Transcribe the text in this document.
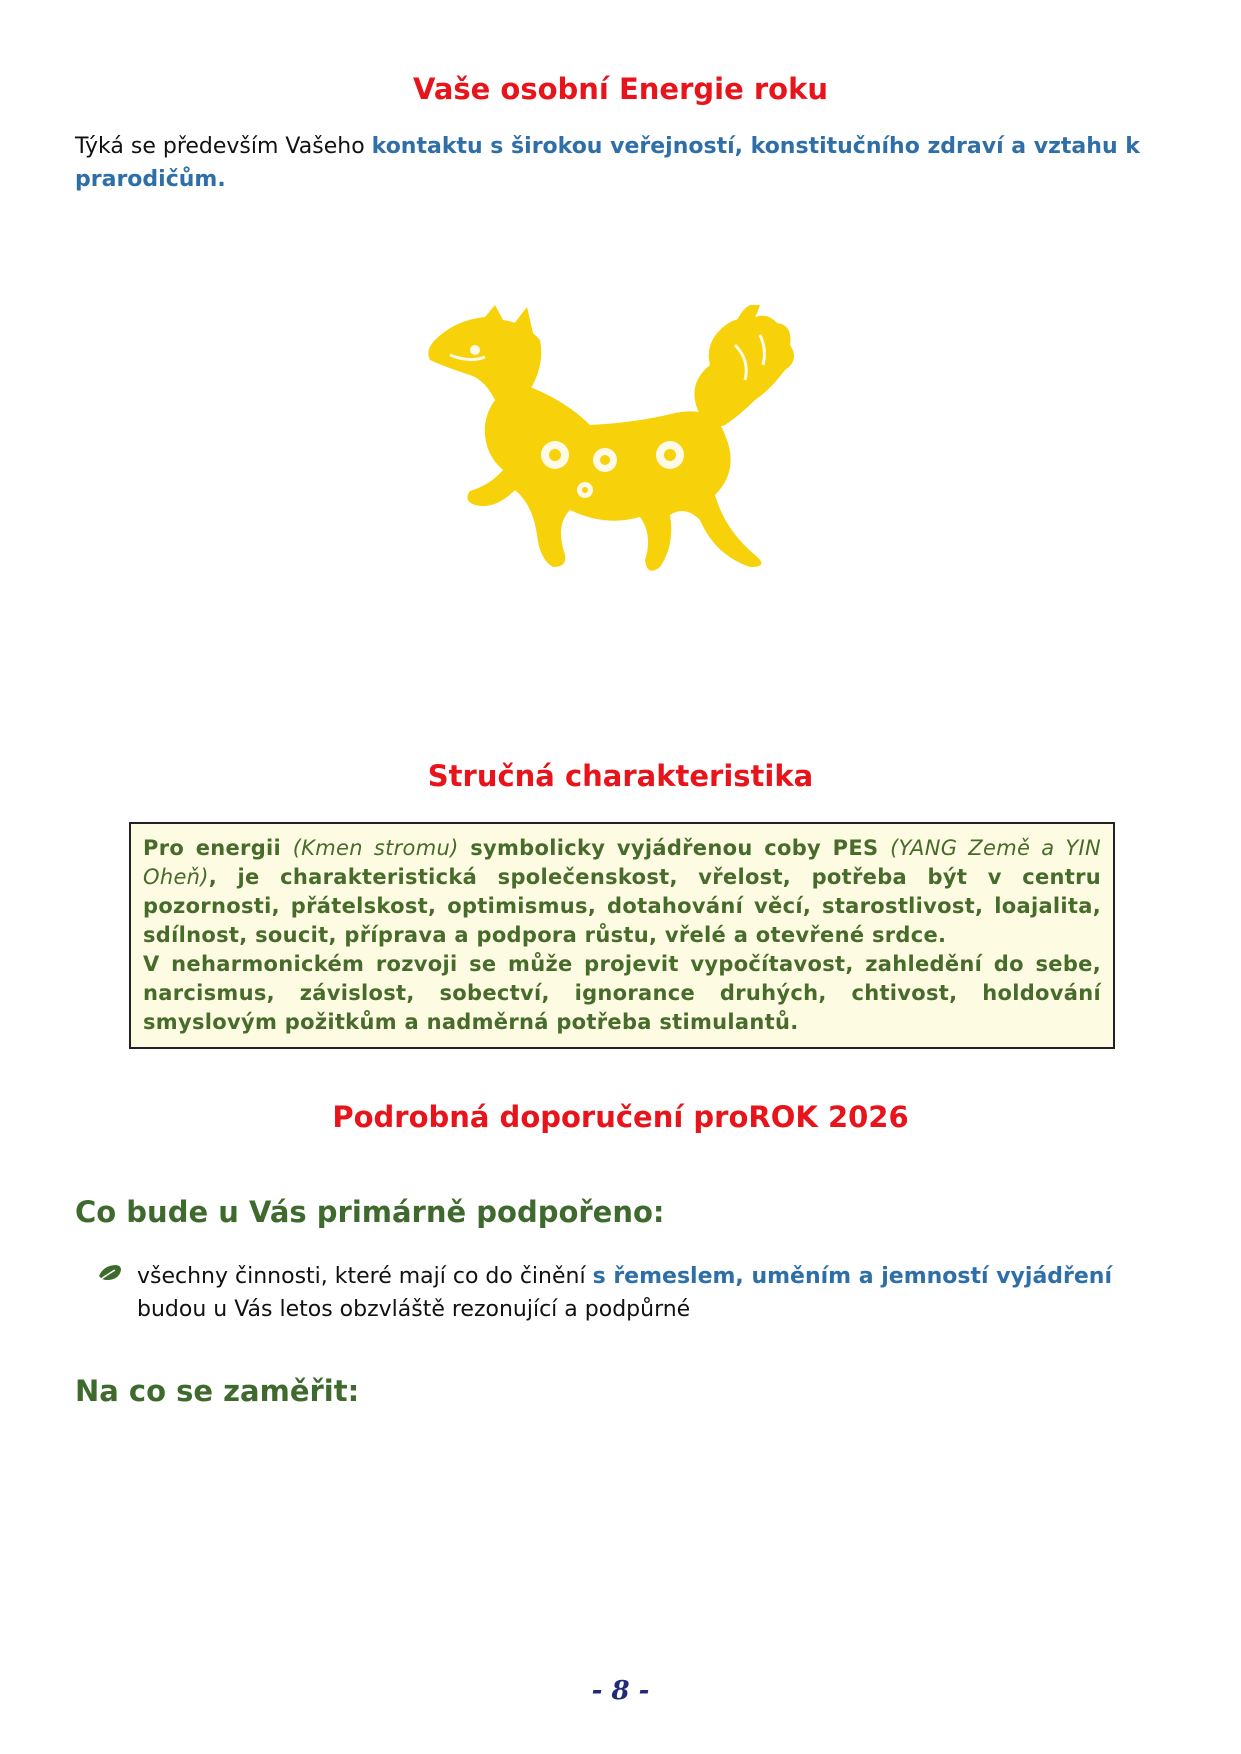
Vaše osobní Energie roku
Týká se především Vašeho kontaktu s širokou veřejností, konstitučního zdraví a vztahu k prarodičům.
Stručná charakteristika

Pro energii (Kmen stromu) symbolicky vyjádřenou coby PES (YANG Země a YIN Oheň), je charakteristická společenskost, vřelost, potřeba být v centru pozornosti, přátelskost, optimismus, dotahování věcí, starostlivost, loajalita, sdílnost, soucit, příprava a podpora růstu, vřelé a otevřené srdce.

V neharmonickém rozvoji se může projevit vypočítavost, zahledění do sebe, narcismus, závislost, sobectví, ignorance druhých, chtivost, holdování smyslovým požitkům a nadměrná potřeba stimulantů.

Podrobná doporučení proROK 2026
Co bude u Vás primárně podpořeno:
všechny činnosti, které mají co do činění s řemeslem, uměním a jemností vyjádření budou u Vás letos obzvláště rezonující a podpůrné
Na co se zaměřit:
- 8 -
